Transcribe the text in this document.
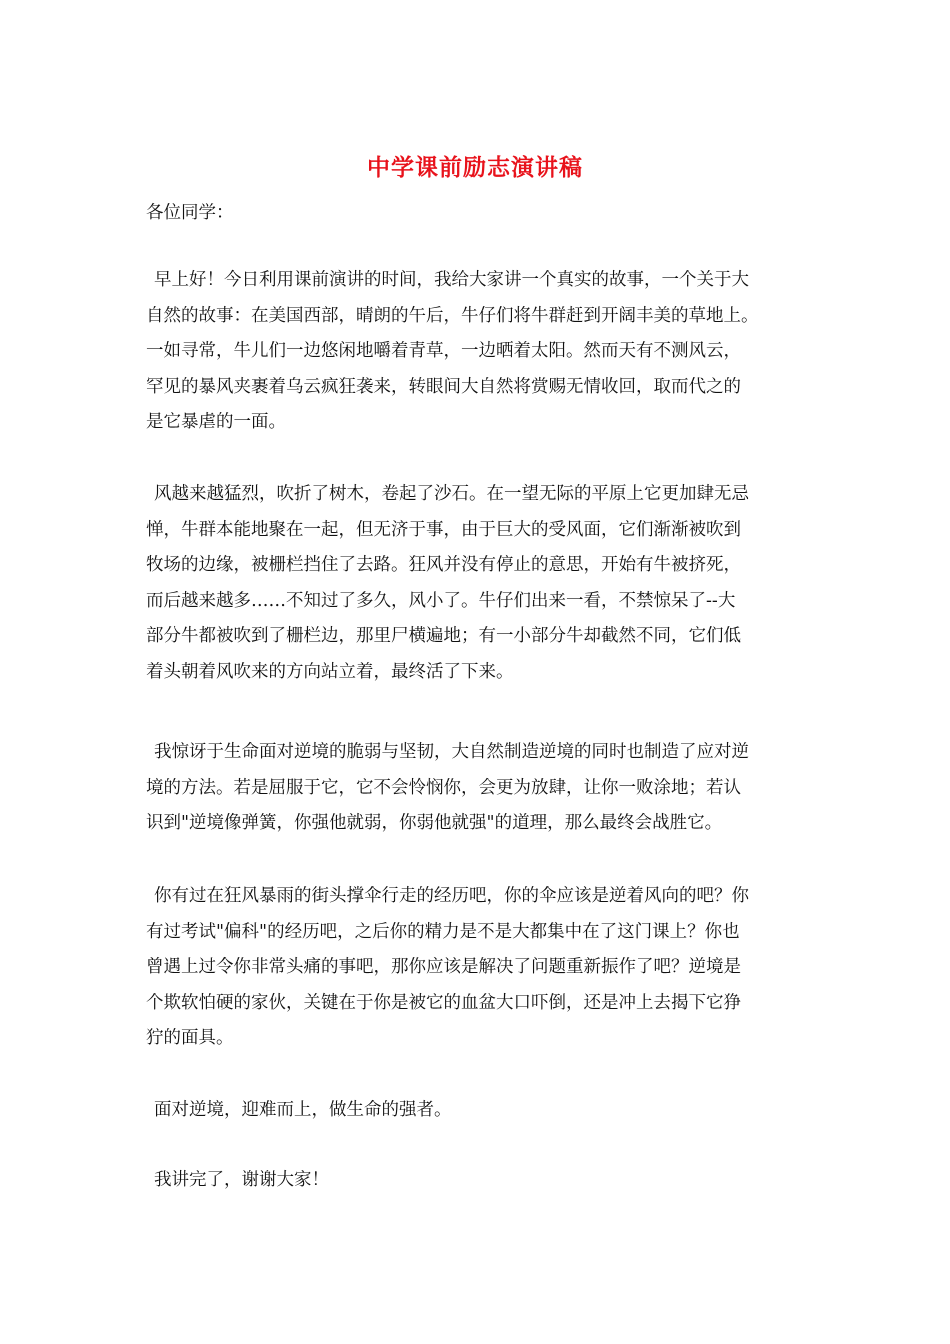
中学课前励志演讲稿
各位同学：
早上好！今日利用课前演讲的时间，我给大家讲一个真实的故事，一个关于大
自然的故事：在美国西部，晴朗的午后，牛仔们将牛群赶到开阔丰美的草地上。
一如寻常，牛儿们一边悠闲地嚼着青草，一边晒着太阳。然而天有不测风云，
罕见的暴风夹裹着乌云疯狂袭来，转眼间大自然将赏赐无情收回，取而代之的
是它暴虐的一面。
风越来越猛烈，吹折了树木，卷起了沙石。在一望无际的平原上它更加肆无忌
惮，牛群本能地聚在一起，但无济于事，由于巨大的受风面，它们渐渐被吹到
牧场的边缘，被栅栏挡住了去路。狂风并没有停止的意思，开始有牛被挤死，
而后越来越多……不知过了多久，风小了。牛仔们出来一看，不禁惊呆了--大
部分牛都被吹到了栅栏边，那里尸横遍地；有一小部分牛却截然不同，它们低
着头朝着风吹来的方向站立着，最终活了下来。
我惊讶于生命面对逆境的脆弱与坚韧，大自然制造逆境的同时也制造了应对逆
境的方法。若是屈服于它，它不会怜悯你，会更为放肆，让你一败涂地；若认
识到"逆境像弹簧，你强他就弱，你弱他就强"的道理，那么最终会战胜它。
你有过在狂风暴雨的街头撑伞行走的经历吧，你的伞应该是逆着风向的吧？你
有过考试"偏科"的经历吧，之后你的精力是不是大都集中在了这门课上？你也
曾遇上过令你非常头痛的事吧，那你应该是解决了问题重新振作了吧？逆境是
个欺软怕硬的家伙，关键在于你是被它的血盆大口吓倒，还是冲上去揭下它狰
狞的面具。
面对逆境，迎难而上，做生命的强者。
我讲完了，谢谢大家！
